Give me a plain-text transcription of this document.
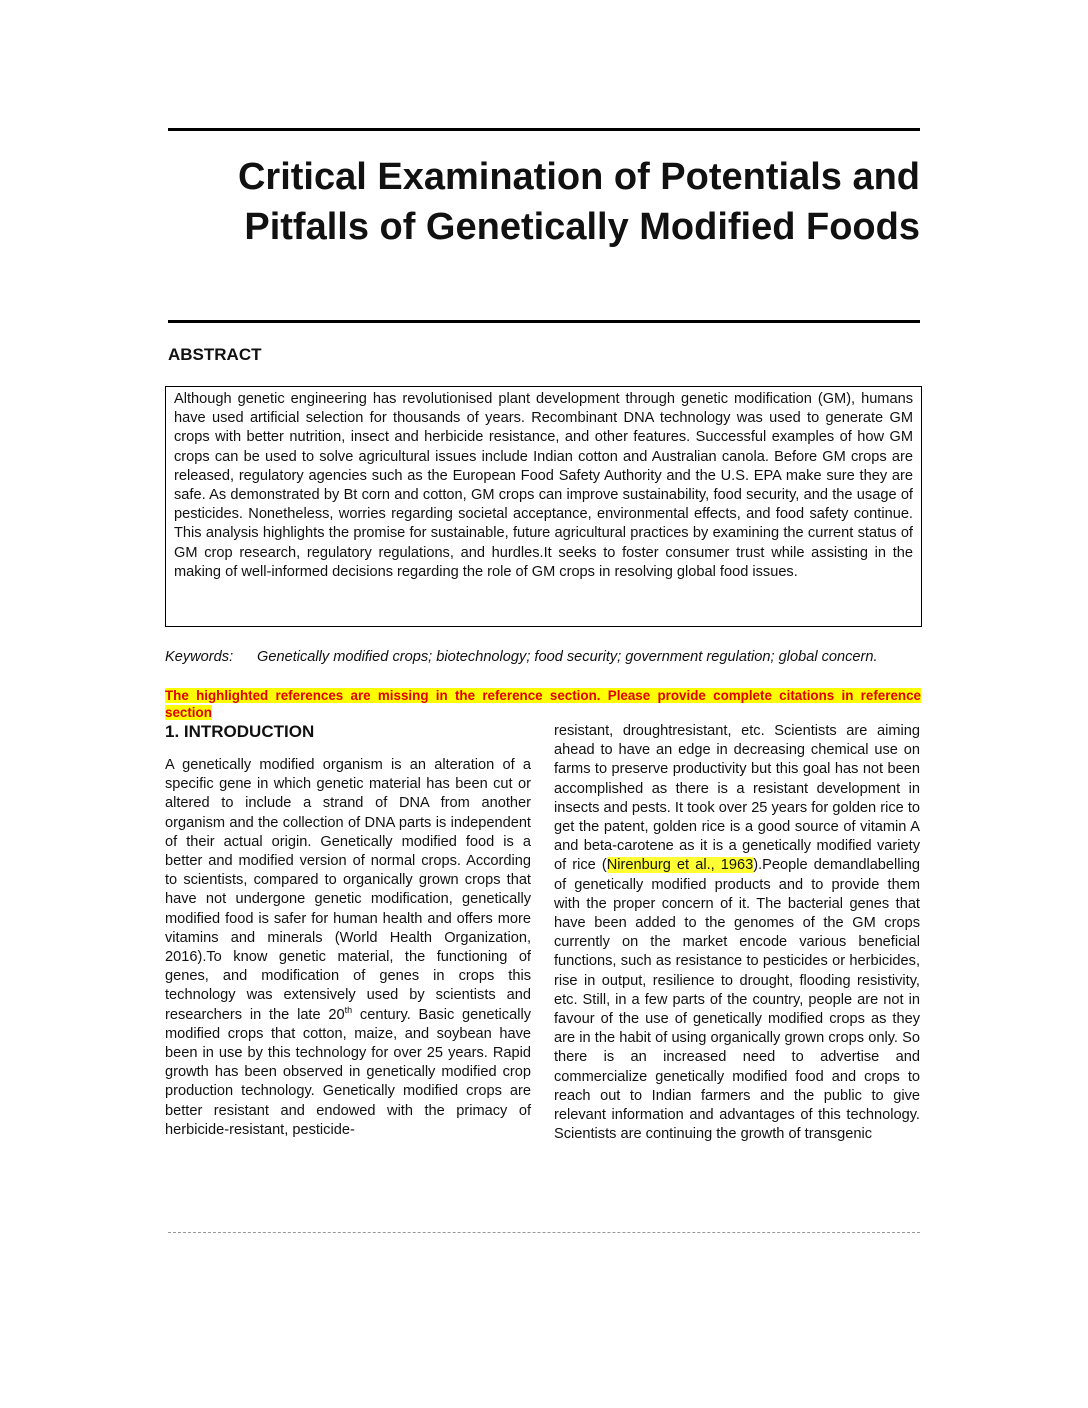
Critical Examination of Potentials and Pitfalls of Genetically Modified Foods
ABSTRACT

Although genetic engineering has revolutionised plant development through genetic modification (GM), humans have used artificial selection for thousands of years. Recombinant DNA technology was used to generate GM crops with better nutrition, insect and herbicide resistance, and other features. Successful examples of how GM crops can be used to solve agricultural issues include Indian cotton and Australian canola. Before GM crops are released, regulatory agencies such as the European Food Safety Authority and the U.S. EPA make sure they are safe. As demonstrated by Bt corn and cotton, GM crops can improve sustainability, food security, and the usage of pesticides. Nonetheless, worries regarding societal acceptance, environmental effects, and food safety continue. This analysis highlights the promise for sustainable, future agricultural practices by examining the current status of GM crop research, regulatory regulations, and hurdles.It seeks to foster consumer trust while assisting in the making of well-informed decisions regarding the role of GM crops in resolving global food issues.

Keywords:	Genetically modified crops; biotechnology; food security; government regulation; global concern.
The highlighted references are missing in the reference section. Please provide complete citations in reference section
1. INTRODUCTION

A genetically modified organism is an alteration of a specific gene in which genetic material has been cut or altered to include a strand of DNA from another organism and the collection of DNA parts is independent of their actual origin. Genetically modified food is a better and modified version of normal crops. According to scientists, compared to organically grown crops that have not undergone genetic modification, genetically modified food is safer for human health and offers more vitamins and minerals (World Health Organization, 2016).To know genetic material, the functioning of genes, and modification of genes in crops this technology was extensively used by scientists and researchers in the late 20th century. Basic genetically modified crops that cotton, maize, and soybean have been in use by this technology for over 25 years. Rapid growth has been observed in genetically modified crop production technology. Genetically modified crops are better resistant and endowed with the primacy of herbicide-resistant, pesticide-

resistant, droughtresistant, etc. Scientists are aiming ahead to have an edge in decreasing chemical use on farms to preserve productivity but this goal has not been accomplished as there is a resistant development in insects and pests. It took over 25 years for golden rice to get the patent, golden rice is a good source of vitamin A and beta-carotene as it is a genetically modified variety of rice (Nirenburg et al., 1963).People demandlabelling of genetically modified products and to provide them with the proper concern of it. The bacterial genes that have been added to the genomes of the GM crops currently on the market encode various beneficial functions, such as resistance to pesticides or herbicides, rise in output, resilience to drought, flooding resistivity, etc. Still, in a few parts of the country, people are not in favour of the use of genetically modified crops as they are in the habit of using organically grown crops only. So there is an increased need to advertise and commercialize genetically modified food and crops to reach out to Indian farmers and the public to give relevant information and advantages of this technology. Scientists are continuing the growth of transgenic
